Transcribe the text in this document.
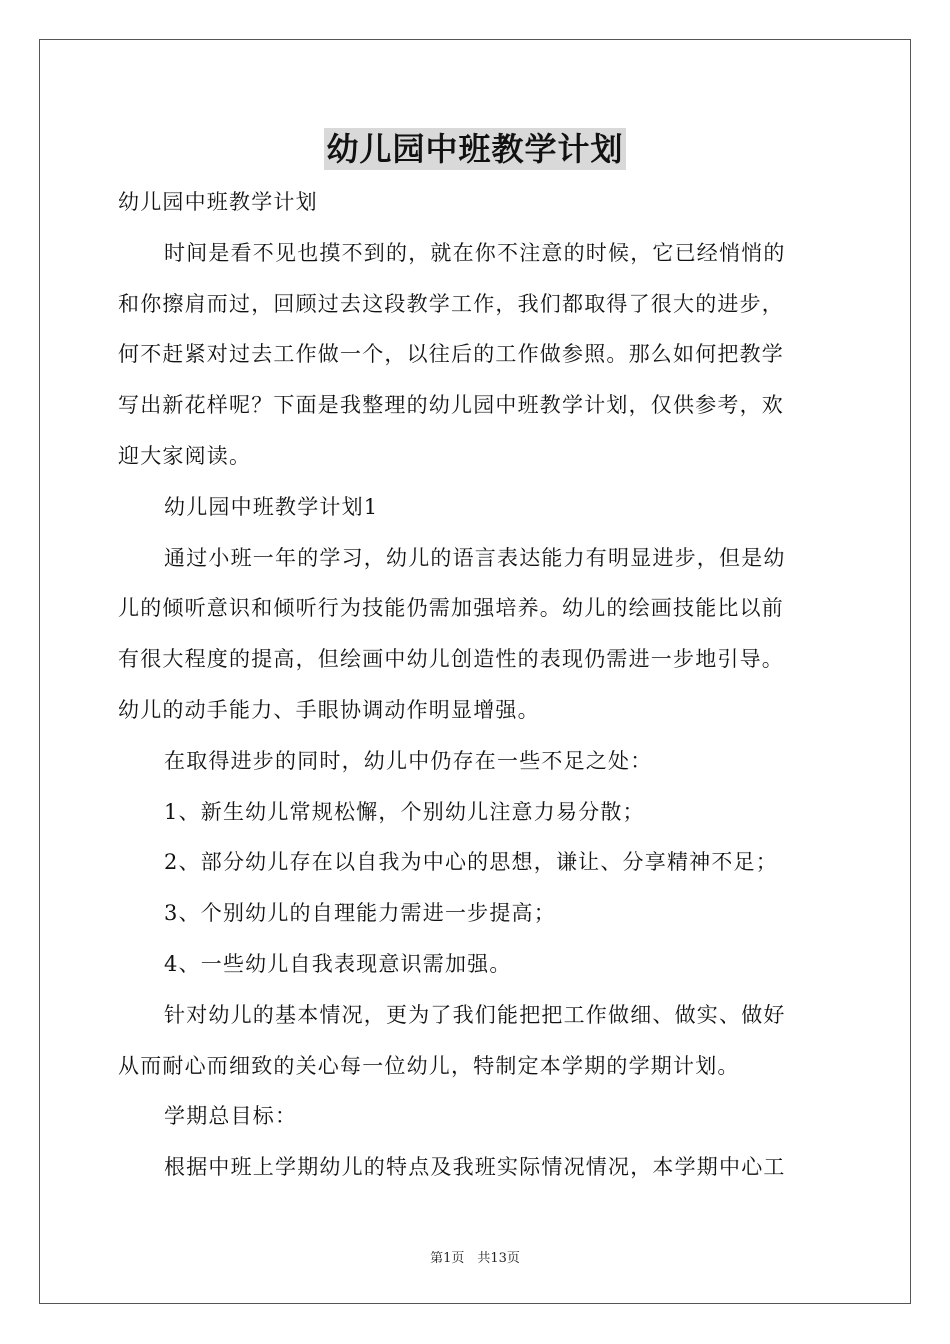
幼儿园中班教学计划
幼儿园中班教学计划
时间是看不见也摸不到的，就在你不注意的时候，它已经悄悄的
和你擦肩而过，回顾过去这段教学工作，我们都取得了很大的进步，
何不赶紧对过去工作做一个，以往后的工作做参照。那么如何把教学
写出新花样呢？下面是我整理的幼儿园中班教学计划，仅供参考，欢
迎大家阅读。
幼儿园中班教学计划1
通过小班一年的学习，幼儿的语言表达能力有明显进步，但是幼
儿的倾听意识和倾听行为技能仍需加强培养。幼儿的绘画技能比以前
有很大程度的提高，但绘画中幼儿创造性的表现仍需进一步地引导。
幼儿的动手能力、手眼协调动作明显增强。
在取得进步的同时，幼儿中仍存在一些不足之处：
1、新生幼儿常规松懈，个别幼儿注意力易分散；
2、部分幼儿存在以自我为中心的思想，谦让、分享精神不足；
3、个别幼儿的自理能力需进一步提高；
4、一些幼儿自我表现意识需加强。
针对幼儿的基本情况，更为了我们能把把工作做细、做实、做好
从而耐心而细致的关心每一位幼儿，特制定本学期的学期计划。
学期总目标：
根据中班上学期幼儿的特点及我班实际情况情况，本学期中心工
第1页　共13页
